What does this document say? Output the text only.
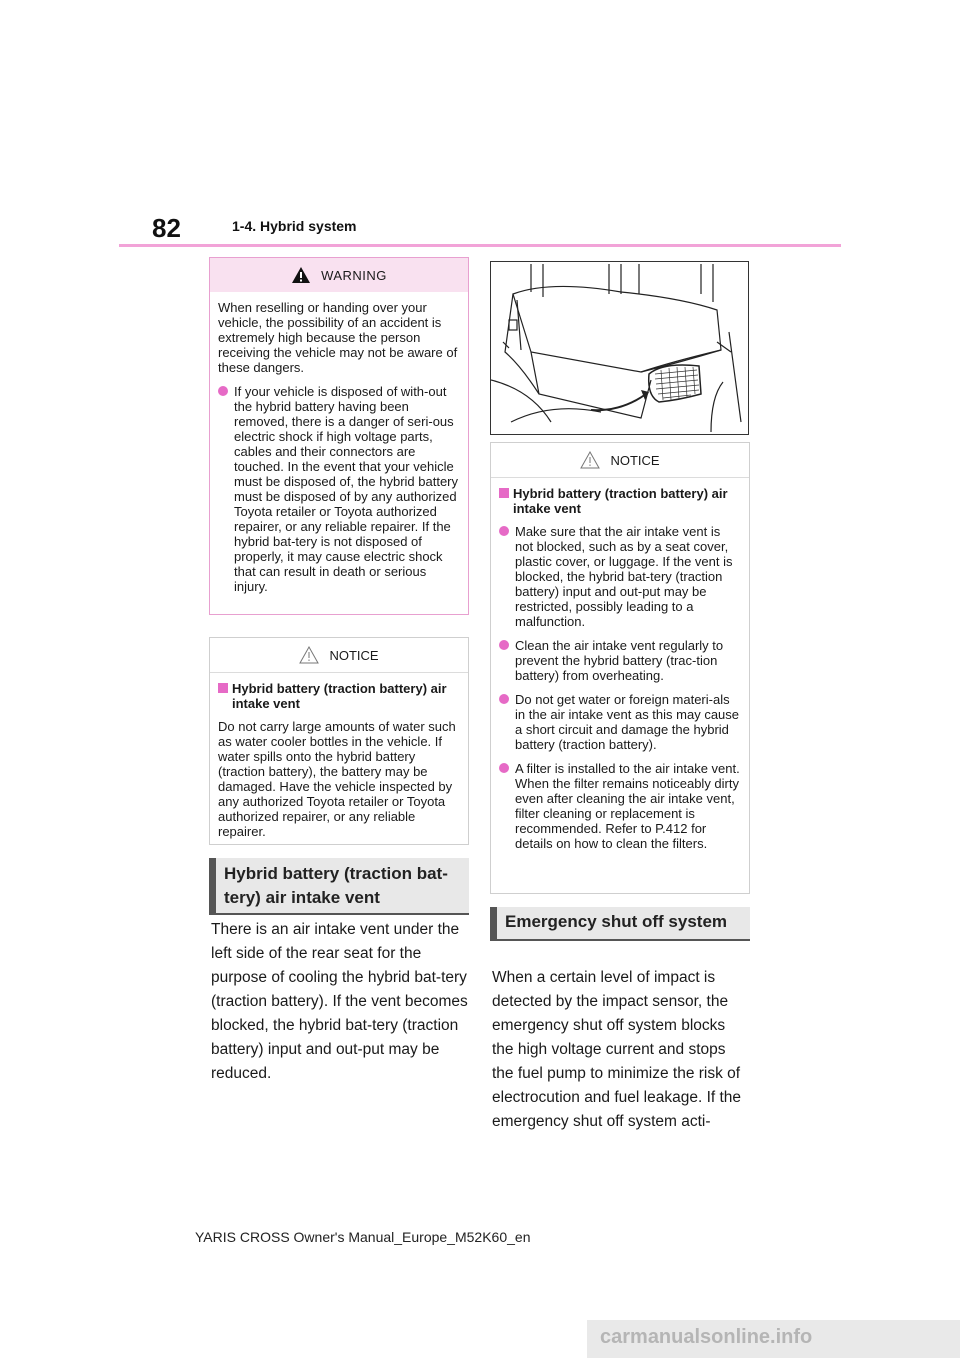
82	1-4. Hybrid system
WARNING

When reselling or handing over your vehicle, the possibility of an accident is extremely high because the person receiving the vehicle may not be aware of these dangers.

If your vehicle is disposed of with-out the hybrid battery having been removed, there is a danger of seri-ous electric shock if high voltage parts, cables and their connectors are touched. In the event that your vehicle must be disposed of, the hybrid battery must be disposed of by any authorized Toyota retailer or Toyota authorized repairer, or any reliable repairer. If the hybrid bat-tery is not disposed of properly, it may cause electric shock that can result in death or serious injury.
NOTICE
Hybrid battery (traction battery) air intake vent

Do not carry large amounts of water such as water cooler bottles in the vehicle. If water spills onto the hybrid battery (traction battery), the battery may be damaged. Have the vehicle inspected by any authorized Toyota retailer or Toyota authorized repairer, or any reliable repairer.

Hybrid battery (traction bat-
tery) air intake vent

There is an air intake vent under the left side of the rear seat for the purpose of cooling the hybrid bat-tery (traction battery). If the vent becomes blocked, the hybrid bat-tery (traction battery) input and out-put may be reduced.

NOTICE
Hybrid battery (traction battery) air intake vent
Make sure that the air intake vent is not blocked, such as by a seat cover, plastic cover, or luggage. If the vent is blocked, the hybrid bat-tery (traction battery) input and out-put may be restricted, possibly leading to a malfunction.
Clean the air intake vent regularly to prevent the hybrid battery (trac-tion battery) from overheating.
Do not get water or foreign materi-als in the air intake vent as this may cause a short circuit and damage the hybrid battery (traction battery).
A filter is installed to the air intake vent. When the filter remains noticeably dirty even after cleaning the air intake vent, filter cleaning or replacement is recommended. Refer to P.412 for details on how to clean the filters.
Emergency shut off system

When a certain level of impact is detected by the impact sensor, the emergency shut off system blocks the high voltage current and stops the fuel pump to minimize the risk of electrocution and fuel leakage. If the emergency shut off system acti-

YARIS CROSS Owner's Manual_Europe_M52K60_en
carmanualsonline.info
